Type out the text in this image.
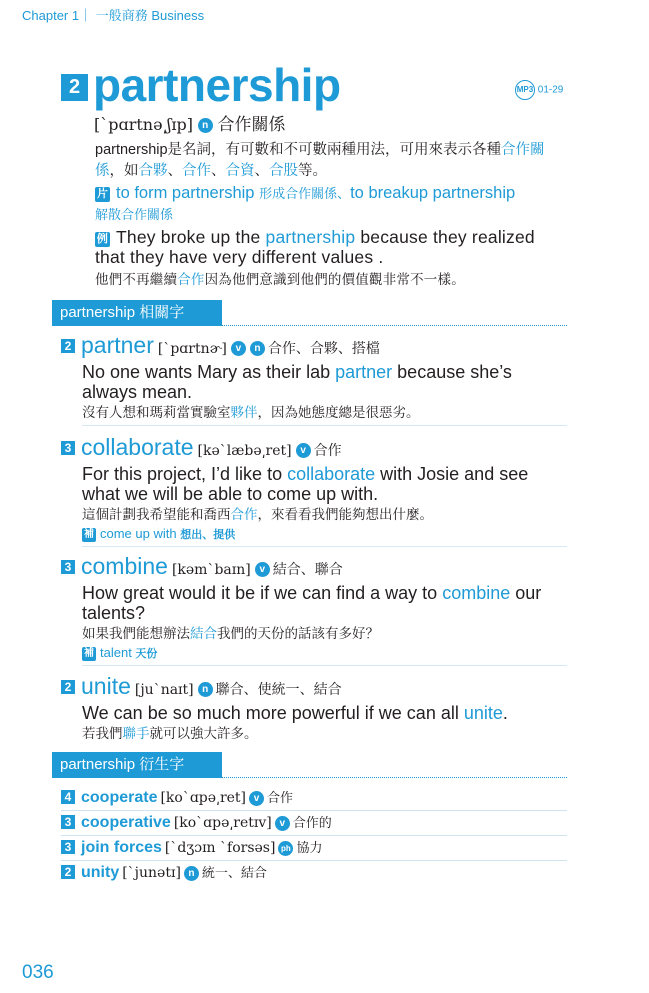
Chapter 1｜ 一般商務 Business
2 partnership	MP3 01-29
[`pɑrtnə͵ʃɪp] n 合作關係
partnership是名詞，有可數和不可數兩種用法，可用來表示各種合作關係，如合夥、合作、合資、合股等。
片 to form partnership 形成合作關係、to breakup partnership
解散合作關係
例 They broke up the partnership because they realized that they have very different values .
他們不再繼續合作因為他們意識到他們的價值觀非常不一樣。
partnership 相關字
2 partner [`pɑrtnɚ] v n 合作、合夥、搭檔
No one wants Mary as their lab partner because she’s always mean.
沒有人想和瑪莉當實驗室夥伴，因為她態度總是很惡劣。
3 collaborate [kə`læbə͵ret] v 合作
For this project, I’d like to collaborate with Josie and see what we will be able to come up with.
這個計劃我希望能和喬西合作，來看看我們能夠想出什麼。
補 come up with 想出、提供
3 combine [kəm`baɪn] v 結合、聯合
How great would it be if we can find a way to combine our talents?
如果我們能想辦法結合我們的天份的話該有多好？
補 talent 天份
2 unite [ju`naɪt] n 聯合、使統一、結合
We can be so much more powerful if we can all unite.
若我們聯手就可以強大許多。
partnership 衍生字
4 cooperate [ko`ɑpə͵ret] v 合作
3 cooperative [ko`ɑpə͵retɪv] v 合作的
3 join forces [`dʒɔɪn `forsəs] ph 協力
2 unity [`junətɪ] n 統一、結合
036
